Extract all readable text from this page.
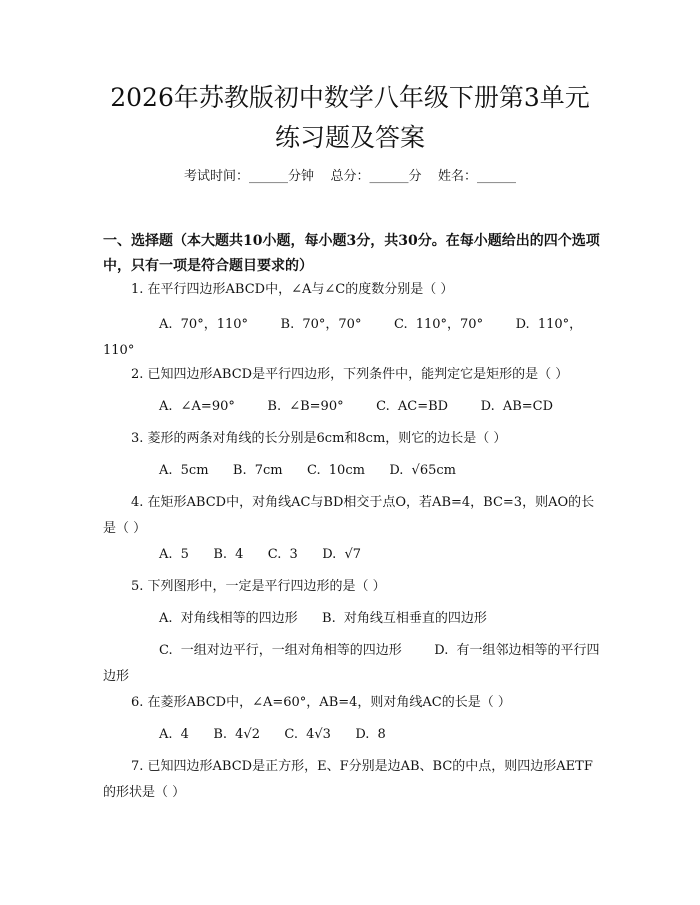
2026年苏教版初中数学八年级下册第3单元
练习题及答案
考试时间：______分钟    总分：______分    姓名：______
一、选择题（本大题共10小题，每小题3分，共30分。在每小题给出的四个选项中，只有一项是符合题目要求的）
1. 在平行四边形ABCD中，∠A与∠C的度数分别是（ ）
A. 70°，110°    B. 70°，70°    C. 110°，70°    D. 110°，110°
2. 已知四边形ABCD是平行四边形，下列条件中，能判定它是矩形的是（ ）
A. ∠A=90°    B. ∠B=90°    C. AC=BD    D. AB=CD
3. 菱形的两条对角线的长分别是6cm和8cm，则它的边长是（ ）
A. 5cm   B. 7cm   C. 10cm   D. √65cm
4. 在矩形ABCD中，对角线AC与BD相交于点O，若AB=4，BC=3，则AO的长是（ ）
A. 5   B. 4   C. 3   D. √7
5. 下列图形中，一定是平行四边形的是（ ）
A. 对角线相等的四边形   B. 对角线互相垂直的四边形
C. 一组对边平行，一组对角相等的四边形    D. 有一组邻边相等的平行四边形
6. 在菱形ABCD中，∠A=60°，AB=4，则对角线AC的长是（ ）
A. 4   B. 4√2   C. 4√3   D. 8
7. 已知四边形ABCD是正方形，E、F分别是边AB、BC的中点，则四边形AETF的形状是（ ）
